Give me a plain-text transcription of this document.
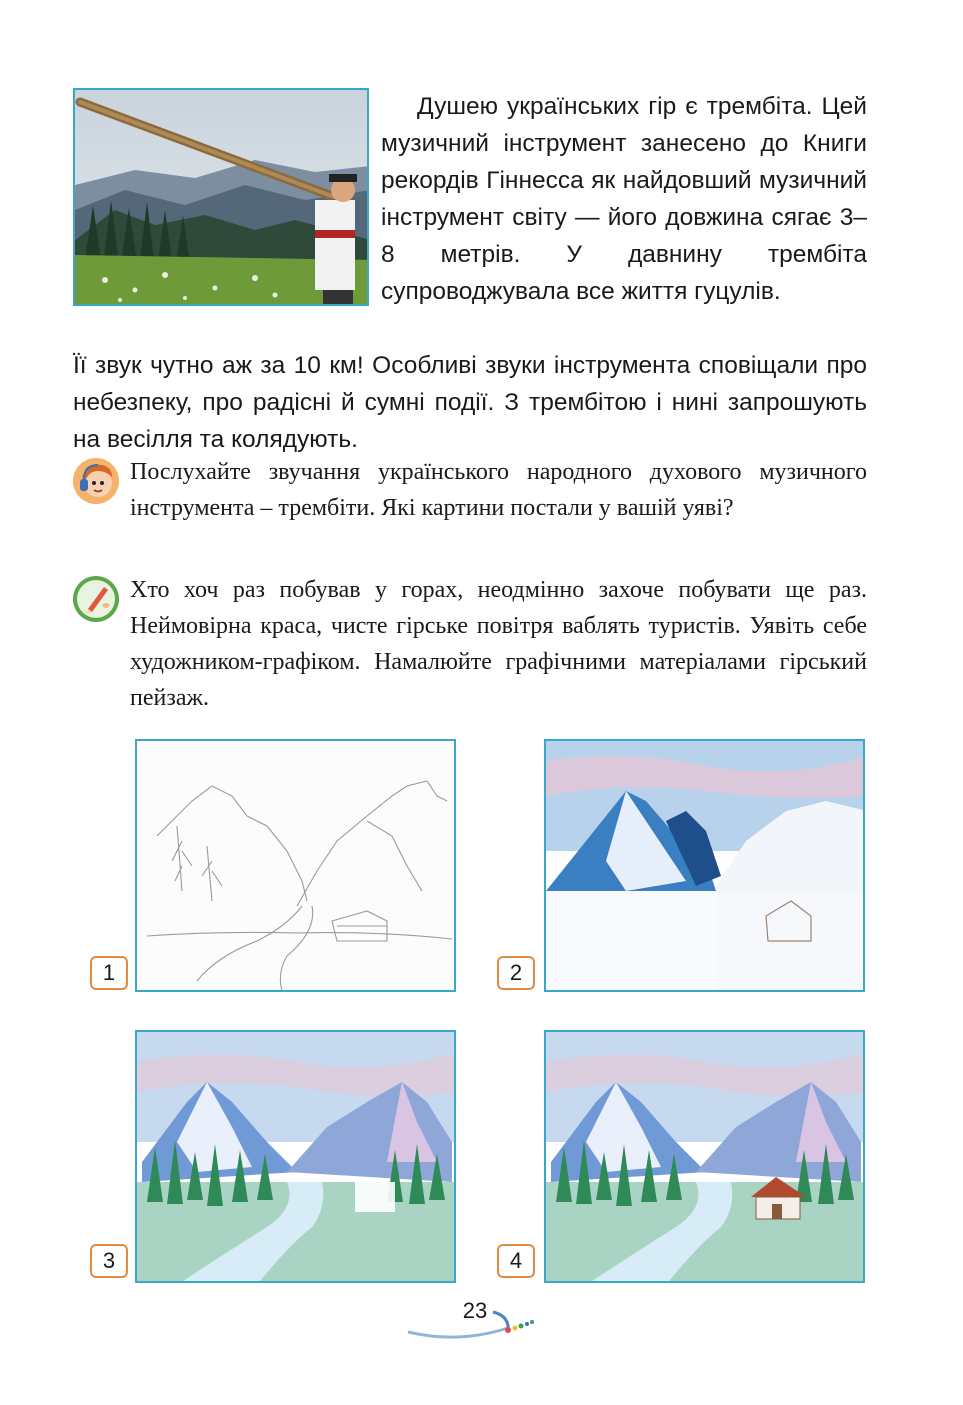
Душею українських гір є трембіта. Цей музичний інструмент занесено до Книги рекордів Гіннесса як найдовший музичний інструмент світу — його довжина сягає 3–8 метрів. У давнину трембіта супроводжувала все життя гуцулів.
Її звук чутно аж за 10 км! Особливі звуки інструмента сповіщали про небезпеку, про радісні й сумні події. З трембітою і нині запрошують на весілля та колядують.
Послухайте звучання українського народного духового музичного інструмента – трембіти. Які картини постали у вашій уяві?
Хто хоч раз побував у горах, неодмінно захоче побувати ще раз. Неймовірна краса, чисте гірське повітря ваблять туристів. Уявіть себе художником-графіком. Намалюйте графічними матеріалами гірський пейзаж.
1	2
3	4
23
